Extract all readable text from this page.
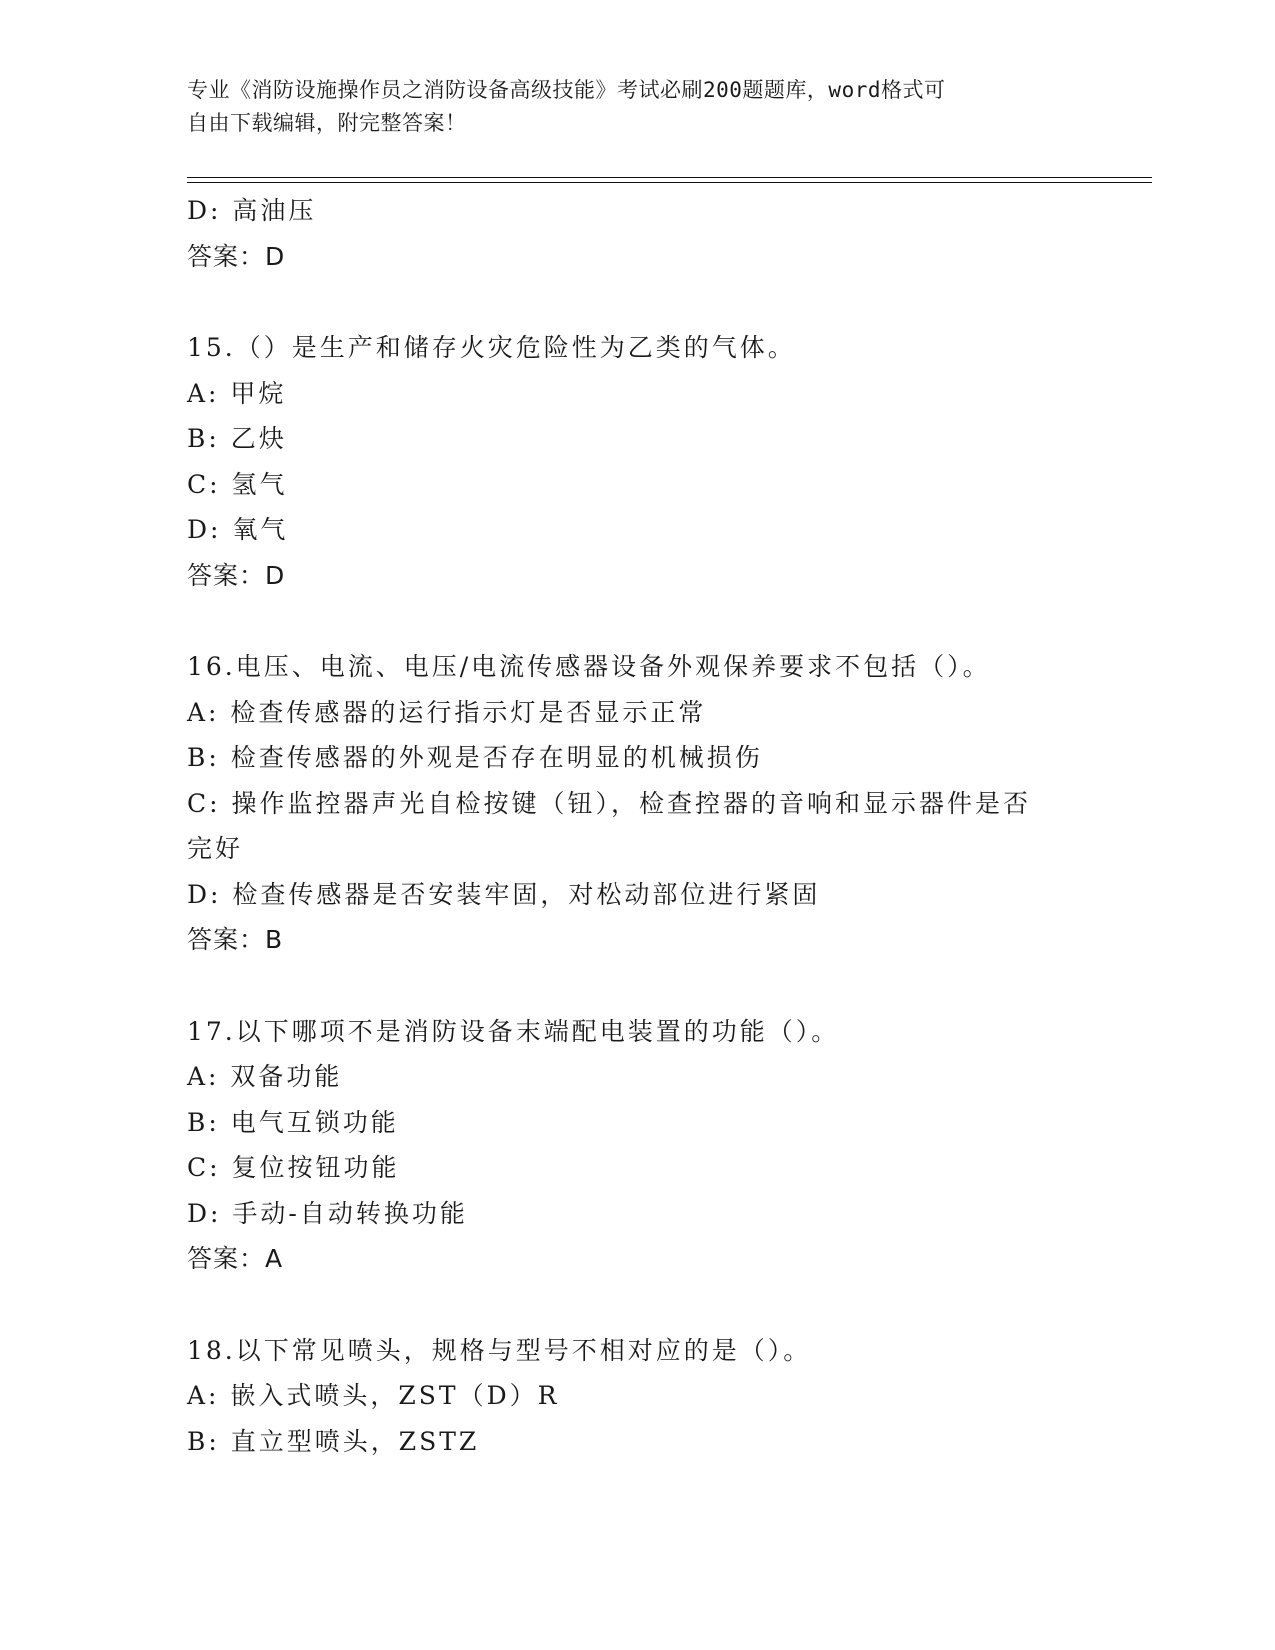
专业《消防设施操作员之消防设备高级技能》考试必刷200题题库，word格式可
自由下载编辑，附完整答案！
D: 高油压
答案：D
15.（）是生产和储存火灾危险性为乙类的气体。
A: 甲烷
B: 乙炔
C: 氢气
D: 氧气
答案：D
16.电压、电流、电压/电流传感器设备外观保养要求不包括（）。
A: 检查传感器的运行指示灯是否显示正常
B: 检查传感器的外观是否存在明显的机械损伤
C: 操作监控器声光自检按键（钮），检查控器的音响和显示器件是否
完好
D: 检查传感器是否安装牢固，对松动部位进行紧固
答案：B
17.以下哪项不是消防设备末端配电装置的功能（）。
A: 双备功能
B: 电气互锁功能
C: 复位按钮功能
D: 手动-自动转换功能
答案：A
18.以下常见喷头，规格与型号不相对应的是（）。
A: 嵌入式喷头，ZST（D）R
B: 直立型喷头，ZSTZ
